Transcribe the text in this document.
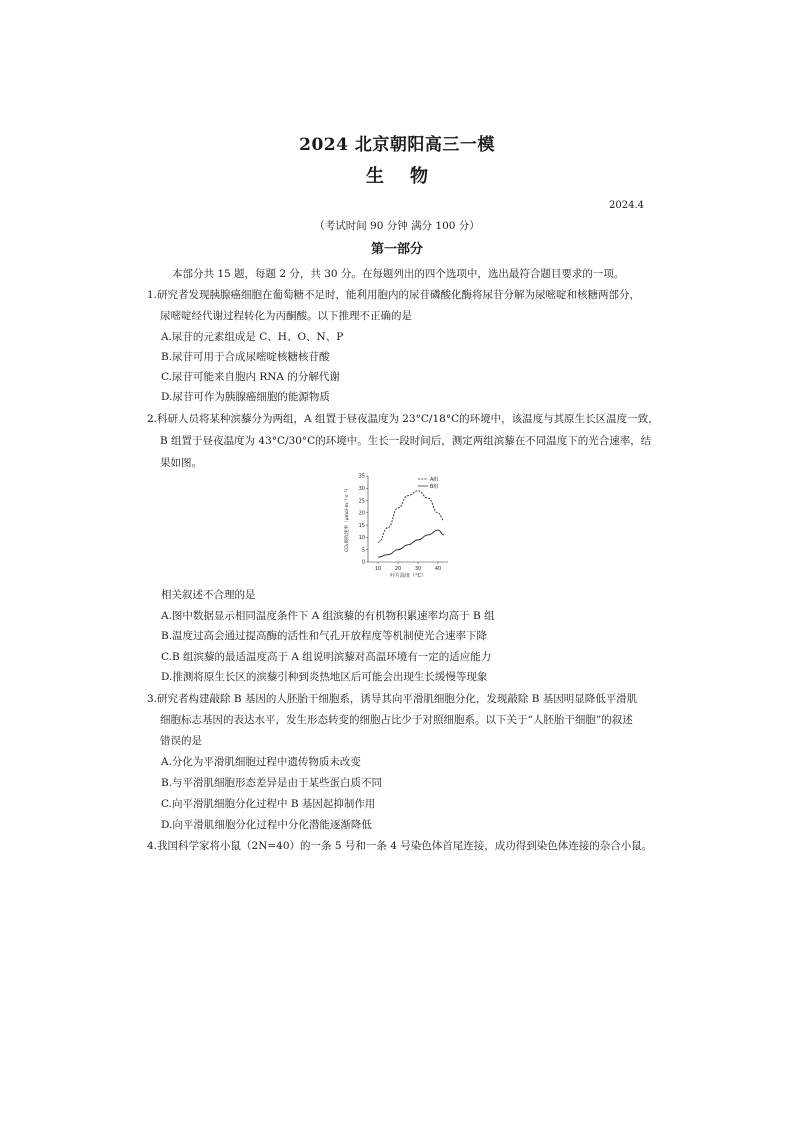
2024 北京朝阳高三一模
生物
2024.4
（考试时间 90 分钟 满分 100 分）
第一部分
本部分共 15 题，每题 2 分，共 30 分。在每题列出的四个选项中，选出最符合题目要求的一项。
1.研究者发现胰腺癌细胞在葡萄糖不足时，能利用胞内的尿苷磷酸化酶将尿苷分解为尿嘧啶和核糖两部分，
尿嘧啶经代谢过程转化为丙酮酸。以下推理不正确的是
A.尿苷的元素组成是 C、H、O、N、P
B.尿苷可用于合成尿嘧啶核糖核苷酸
C.尿苷可能来自胞内 RNA 的分解代谢
D.尿苷可作为胰腺癌细胞的能源物质
2.科研人员将某种滨藜分为两组，A 组置于昼夜温度为 23°C/18°C的环境中，该温度与其原生长区温度一致，
B 组置于昼夜温度为 43°C/30°C的环境中。生长一段时间后，测定两组滨藜在不同温度下的光合速率，结
果如图。
0
5
10
15
20
25
30
35
10	20	30	40
叶片温度（°C）
CO₂吸收速率（μmol·m⁻²·s⁻¹）
A组
B组
相关叙述不合理的是
A.图中数据显示相同温度条件下 A 组滨藜的有机物积累速率均高于 B 组
B.温度过高会通过提高酶的活性和气孔开放程度等机制使光合速率下降
C.B 组滨藜的最适温度高于 A 组说明滨藜对高温环境有一定的适应能力
D.推测将原生长区的滨藜引种到炎热地区后可能会出现生长缓慢等现象
3.研究者构建敲除 B 基因的人胚胎干细胞系，诱导其向平滑肌细胞分化，发现敲除 B 基因明显降低平滑肌
细胞标志基因的表达水平，发生形态转变的细胞占比少于对照细胞系。以下关于“人胚胎干细胞”的叙述
错误的是
A.分化为平滑肌细胞过程中遗传物质未改变
B.与平滑肌细胞形态差异是由于某些蛋白质不同
C.向平滑肌细胞分化过程中 B 基因起抑制作用
D.向平滑肌细胞分化过程中分化潜能逐渐降低
4.我国科学家将小鼠（2N=40）的一条 5 号和一条 4 号染色体首尾连接，成功得到染色体连接的杂合小鼠。
